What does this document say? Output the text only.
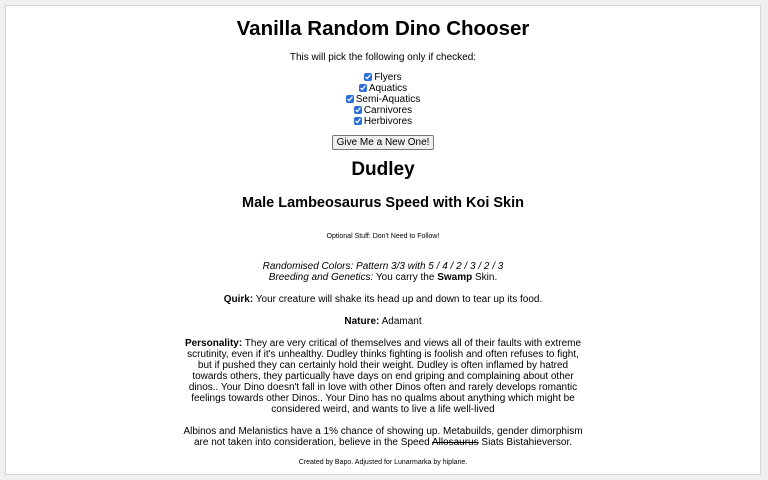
Vanilla Random Dino Chooser
This will pick the following only if checked:
Flyers
Aquatics
Semi-Aquatics
Carnivores
Herbivores
Give Me a New One!
Dudley
Male Lambeosaurus Speed with Koi Skin
Optional Stuff: Don't Need to Follow!
Randomised Colors: Pattern 3/3 with 5 / 4 / 2 / 3 / 2 / 3
Breeding and Genetics: You carry the Swamp Skin.
Quirk: Your creature will shake its head up and down to tear up its food.
Nature: Adamant
Personality: They are very critical of themselves and views all of their faults with extreme scrutinity, even if it's unhealthy. Dudley thinks fighting is foolish and often refuses to fight, but if pushed they can certainly hold their weight. Dudley is often inflamed by hatred towards others, they particually have days on end griping and complaining about other dinos.. Your Dino doesn't fall in love with other Dinos often and rarely develops romantic feelings towards other Dinos.. Your Dino has no qualms about anything which might be considered weird, and wants to live a life well-lived
Albinos and Melanistics have a 1% chance of showing up. Metabuilds, gender dimorphism are not taken into consideration, believe in the Speed Allosaurus Siats Bistahieversor.
Created by Bapo. Adjusted for Lunarmarka by hiplane.
